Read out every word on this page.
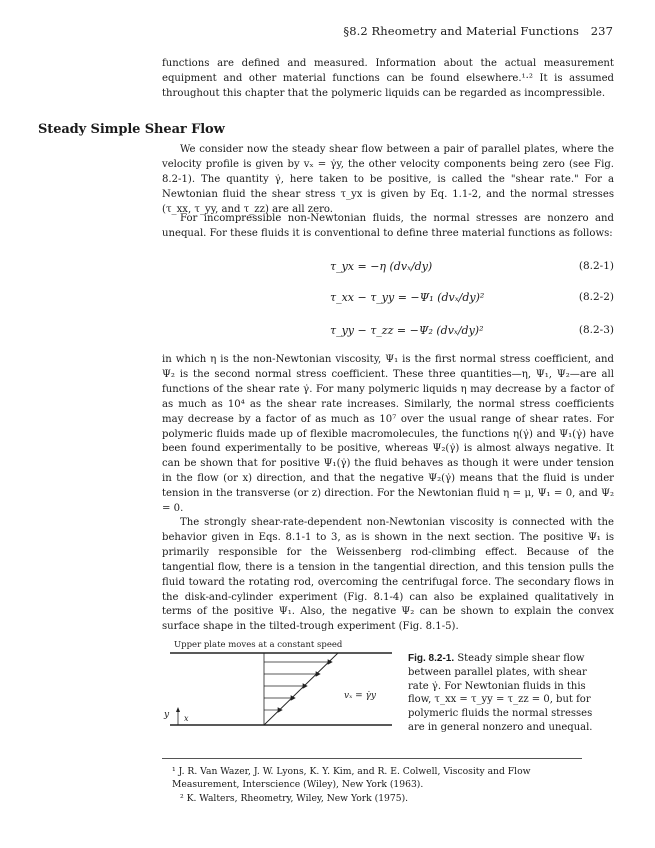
§8.2 Rheometry and Material Functions 237

functions are defined and measured. Information about the actual measurement equipment and other material functions can be found elsewhere.¹·² It is assumed throughout this chapter that the polymeric liquids can be regarded as incompressible.

Steady Simple Shear Flow

We consider now the steady shear flow between a pair of parallel plates, where the velocity profile is given by vₓ = γ̇y, the other velocity components being zero (see Fig. 8.2-1). The quantity γ̇, here taken to be positive, is called the "shear rate." For a Newtonian fluid the shear stress τ_yx is given by Eq. 1.1-2, and the normal stresses (τ_xx, τ_yy, and τ_zz) are all zero.

For incompressible non-Newtonian fluids, the normal stresses are nonzero and unequal. For these fluids it is conventional to define three material functions as follows:

τ_yx = −η (dvₓ/dy)	(8.2-1)
τ_xx − τ_yy = −Ψ₁ (dvₓ/dy)²	(8.2-2)
τ_yy − τ_zz = −Ψ₂ (dvₓ/dy)²	(8.2-3)

in which η is the non-Newtonian viscosity, Ψ₁ is the first normal stress coefficient, and Ψ₂ is the second normal stress coefficient. These three quantities—η, Ψ₁, Ψ₂—are all functions of the shear rate γ̇. For many polymeric liquids η may decrease by a factor of as much as 10⁴ as the shear rate increases. Similarly, the normal stress coefficients may decrease by a factor of as much as 10⁷ over the usual range of shear rates. For polymeric fluids made up of flexible macromolecules, the functions η(γ̇) and Ψ₁(γ̇) have been found experimentally to be positive, whereas Ψ₂(γ̇) is almost always negative. It can be shown that for positive Ψ₁(γ̇) the fluid behaves as though it were under tension in the flow (or x) direction, and that the negative Ψ₂(γ̇) means that the fluid is under tension in the transverse (or z) direction. For the Newtonian fluid η = μ, Ψ₁ = 0, and Ψ₂ = 0.

The strongly shear-rate-dependent non-Newtonian viscosity is connected with the behavior given in Eqs. 8.1-1 to 3, as is shown in the next section. The positive Ψ₁ is primarily responsible for the Weissenberg rod-climbing effect. Because of the tangential flow, there is a tension in the tangential direction, and this tension pulls the fluid toward the rotating rod, overcoming the centrifugal force. The secondary flows in the disk-and-cylinder experiment (Fig. 8.1-4) can also be explained qualitatively in terms of the positive Ψ₁. Also, the negative Ψ₂ can be shown to explain the convex surface shape in the tilted-trough experiment (Fig. 8.1-5).

Upper plate moves at a constant speed
vₓ = γ̇y
y x

Fig. 8.2-1. Steady simple shear flow between parallel plates, with shear rate γ̇. For Newtonian fluids in this flow, τ_xx = τ_yy = τ_zz = 0, but for polymeric fluids the normal stresses are in general nonzero and unequal.

¹ J. R. Van Wazer, J. W. Lyons, K. Y. Kim, and R. E. Colwell, Viscosity and Flow Measurement, Interscience (Wiley), New York (1963).

² K. Walters, Rheometry, Wiley, New York (1975).
